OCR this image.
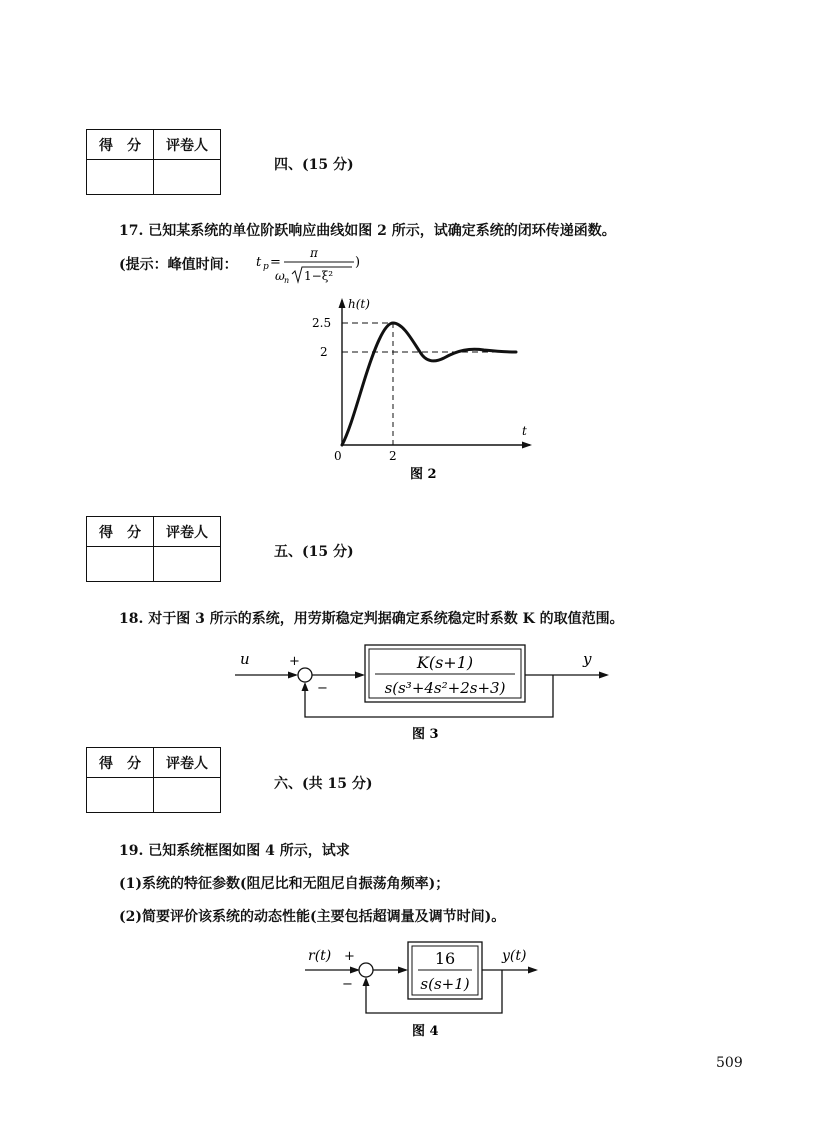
得　分	评卷人

四、(15 分)
17. 已知某系统的单位阶跃响应曲线如图 2 所示，试确定系统的闭环传递函数。
(提示：峰值时间： t p =
π
ω n 1−ξ²
)
h(t)
t
2.5
2
0	2
图 2
得　分	评卷人

五、(15 分)
18. 对于图 3 所示的系统，用劳斯稳定判据确定系统稳定时系数 K 的取值范围。
u	+
−
K(s+1)
s(s³+4s²+2s+3)
y
图 3
得　分	评卷人

六、(共 15 分)
19. 已知系统框图如图 4 所示，试求
(1)系统的特征参数(阻尼比和无阻尼自振荡角频率)；
(2)简要评价该系统的动态性能(主要包括超调量及调节时间)。
r(t) +
−
16
s(s+1)
y(t)
图 4
509
